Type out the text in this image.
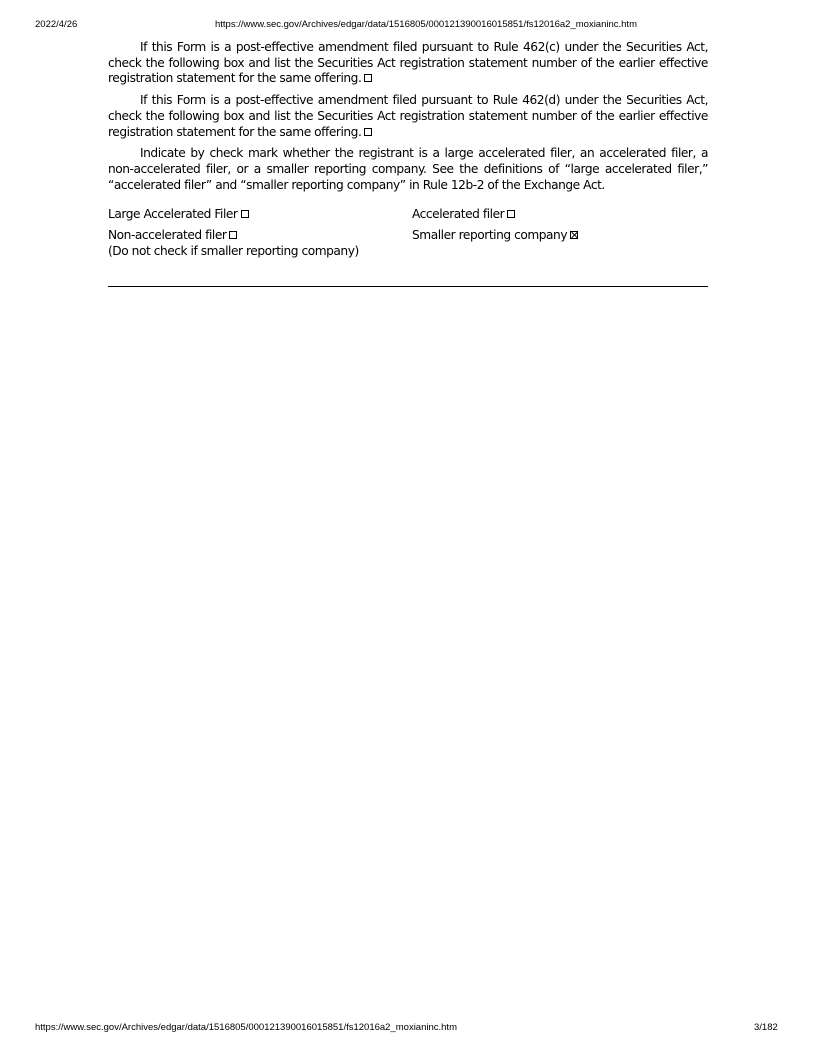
2022/4/26	https://www.sec.gov/Archives/edgar/data/1516805/000121390016015851/fs12016a2_moxianinc.htm

If this Form is a post-effective amendment filed pursuant to Rule 462(c) under the Securities Act, check the following box and list the Securities Act registration statement number of the earlier effective registration statement for the same offering.

If this Form is a post-effective amendment filed pursuant to Rule 462(d) under the Securities Act, check the following box and list the Securities Act registration statement number of the earlier effective registration statement for the same offering.

Indicate by check mark whether the registrant is a large accelerated filer, an accelerated filer, a non-accelerated filer, or a smaller reporting company. See the definitions of “large accelerated filer,” “accelerated filer” and “smaller reporting company” in Rule 12b-2 of the Exchange Act.

Large Accelerated Filer	Accelerated filer
Non-accelerated filer	Smaller reporting company
(Do not check if smaller reporting company)
https://www.sec.gov/Archives/edgar/data/1516805/000121390016015851/fs12016a2_moxianinc.htm	3/182
